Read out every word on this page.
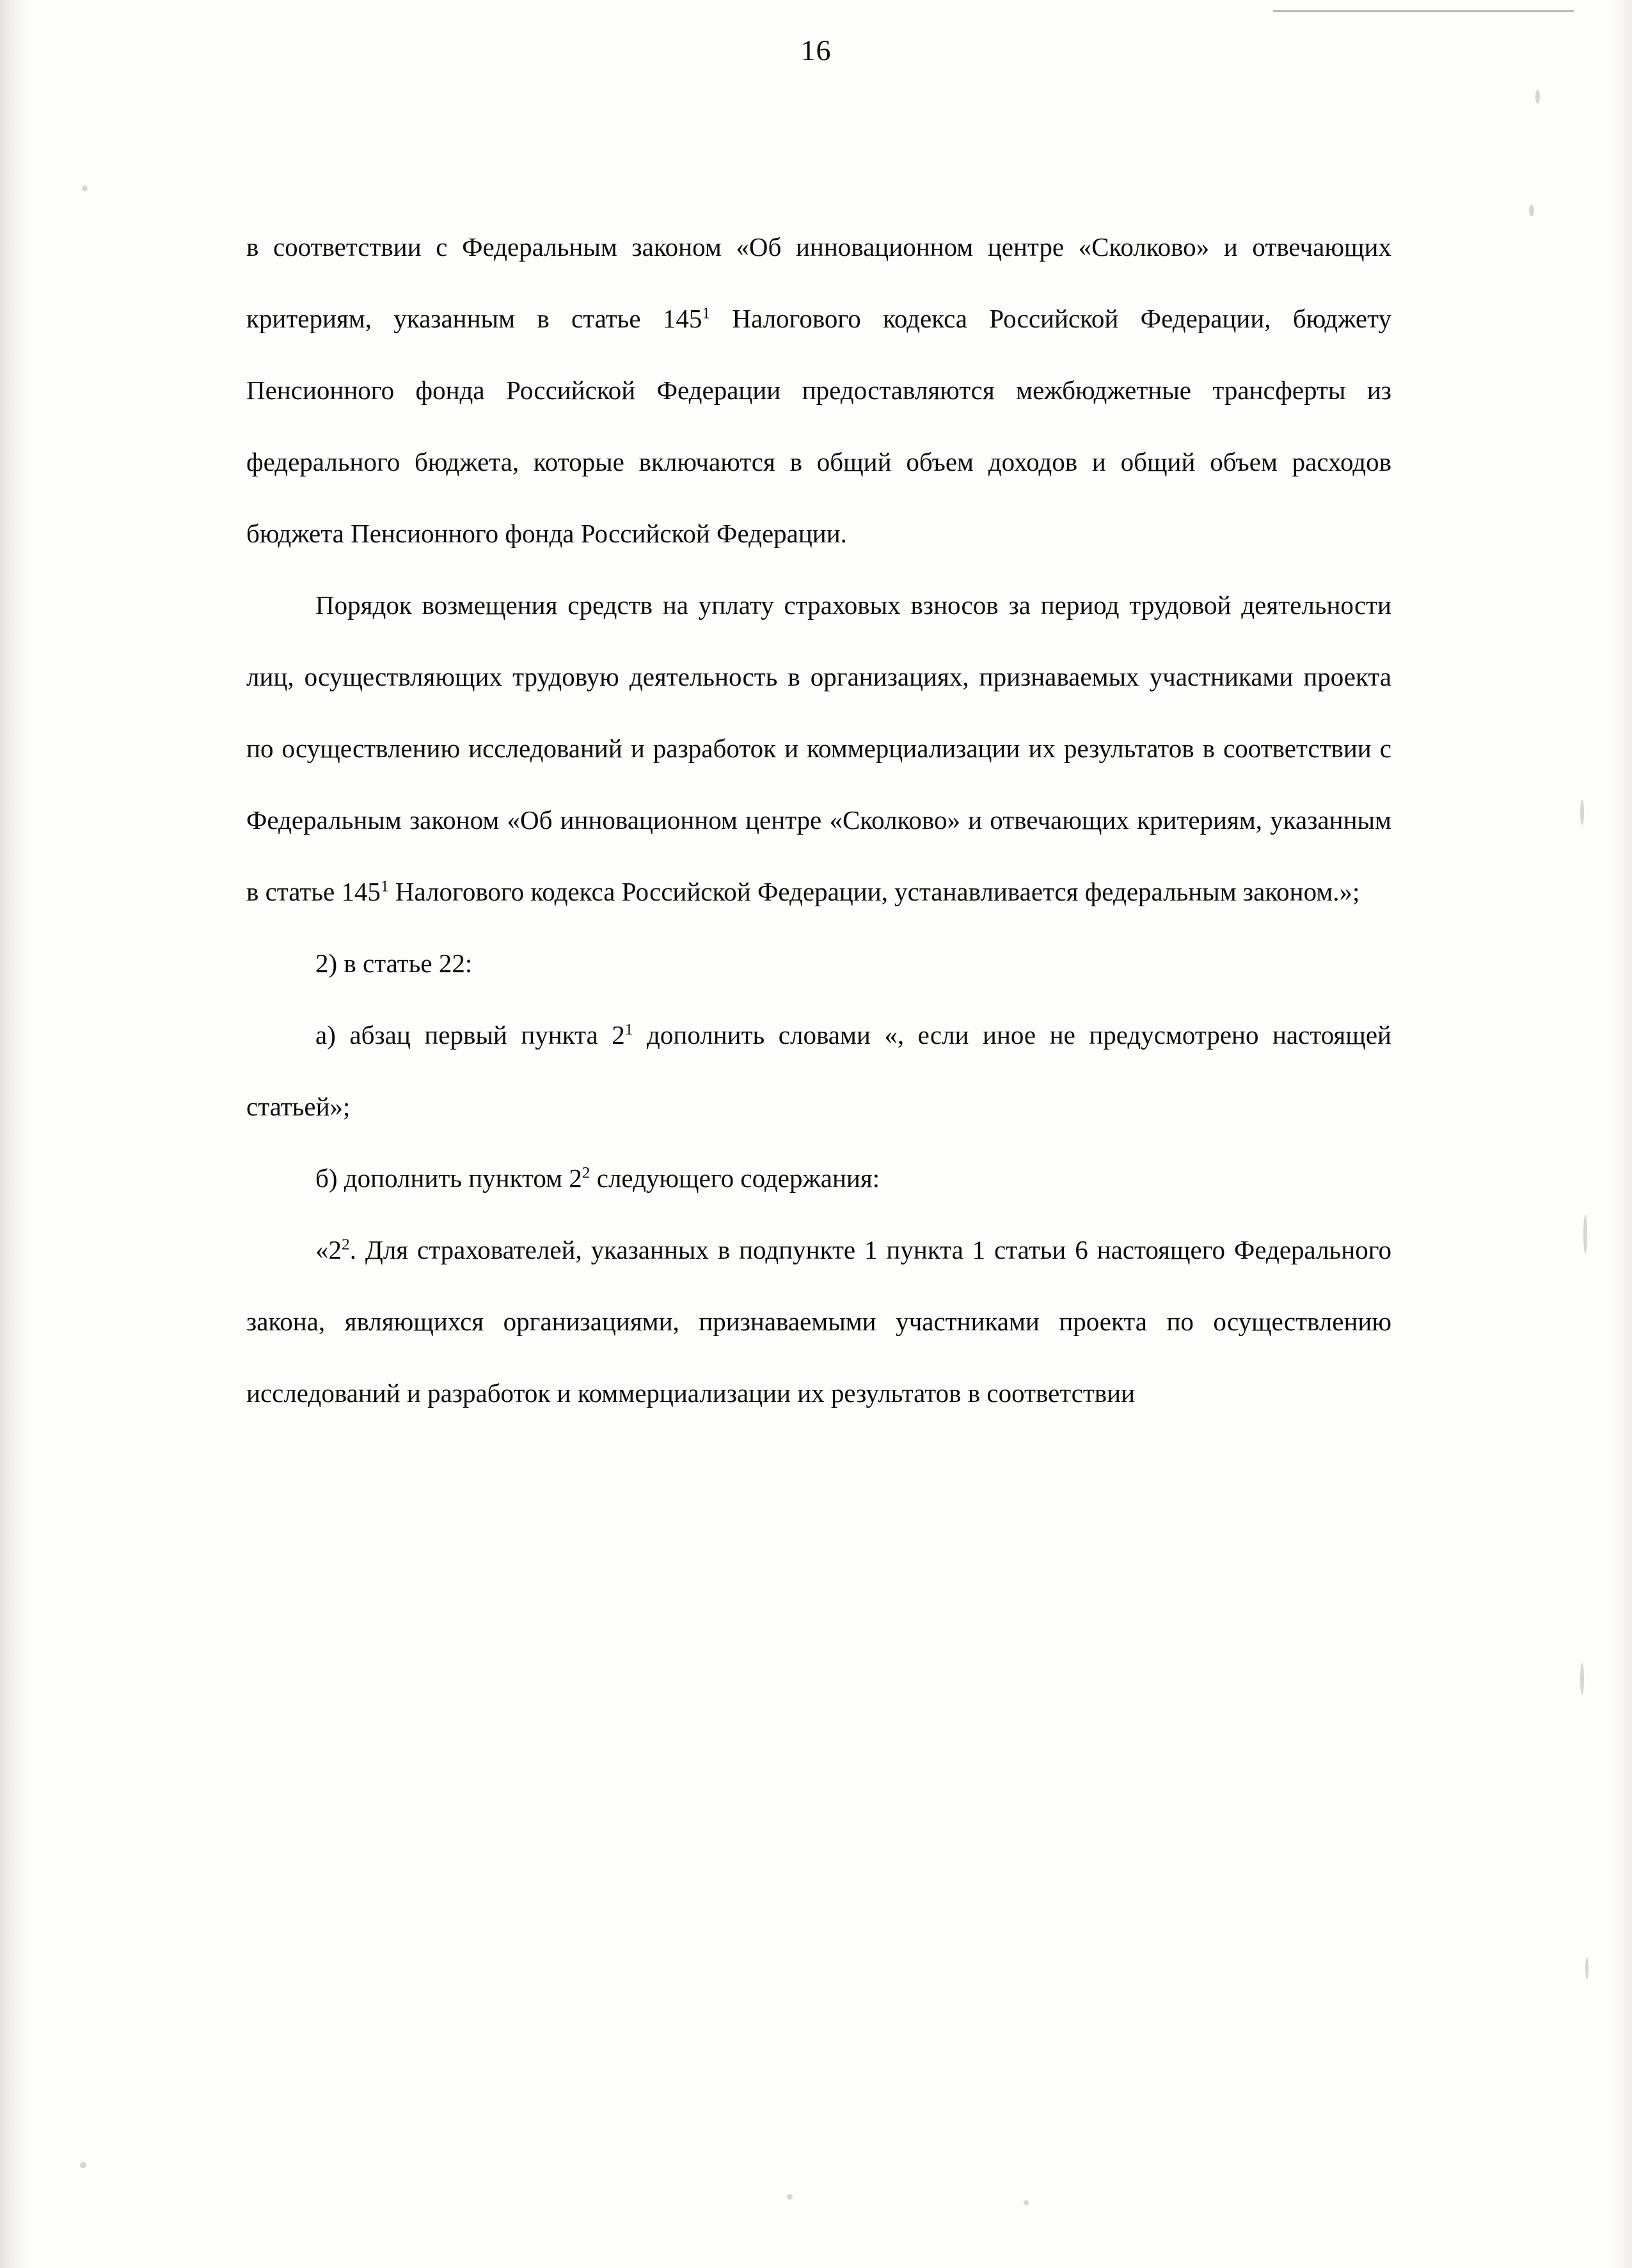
16

в соответствии с Федеральным законом «Об инновационном центре «Сколково» и отвечающих критериям, указанным в статье $145^1$ Налогового кодекса Российской Федерации, бюджету Пенсионного фонда Российской Федерации предоставляются межбюджетные трансферты из федерального бюджета, которые включаются в общий объем доходов и общий объем расходов бюджета Пенсионного фонда Российской Федерации.

Порядок возмещения средств на уплату страховых взносов за период трудовой деятельности лиц, осуществляющих трудовую деятельность в организациях, признаваемых участниками проекта по осуществлению исследований и разработок и коммерциализации их результатов в соответствии с Федеральным законом «Об инновационном центре «Сколково» и отвечающих критериям, указанным в статье $145^1$ Налогового кодекса Российской Федерации, устанавливается федеральным законом.»;

2) в статье 22:

а) абзац первый пункта $2^1$ дополнить словами «, если иное не предусмотрено настоящей статьей»;

б) дополнить пунктом $2^2$ следующего содержания:

«$2^2$. Для страхователей, указанных в подпункте 1 пункта 1 статьи 6 настоящего Федерального закона, являющихся организациями, признаваемыми участниками проекта по осуществлению исследований и разработок и коммерциализации их результатов в соответствии
